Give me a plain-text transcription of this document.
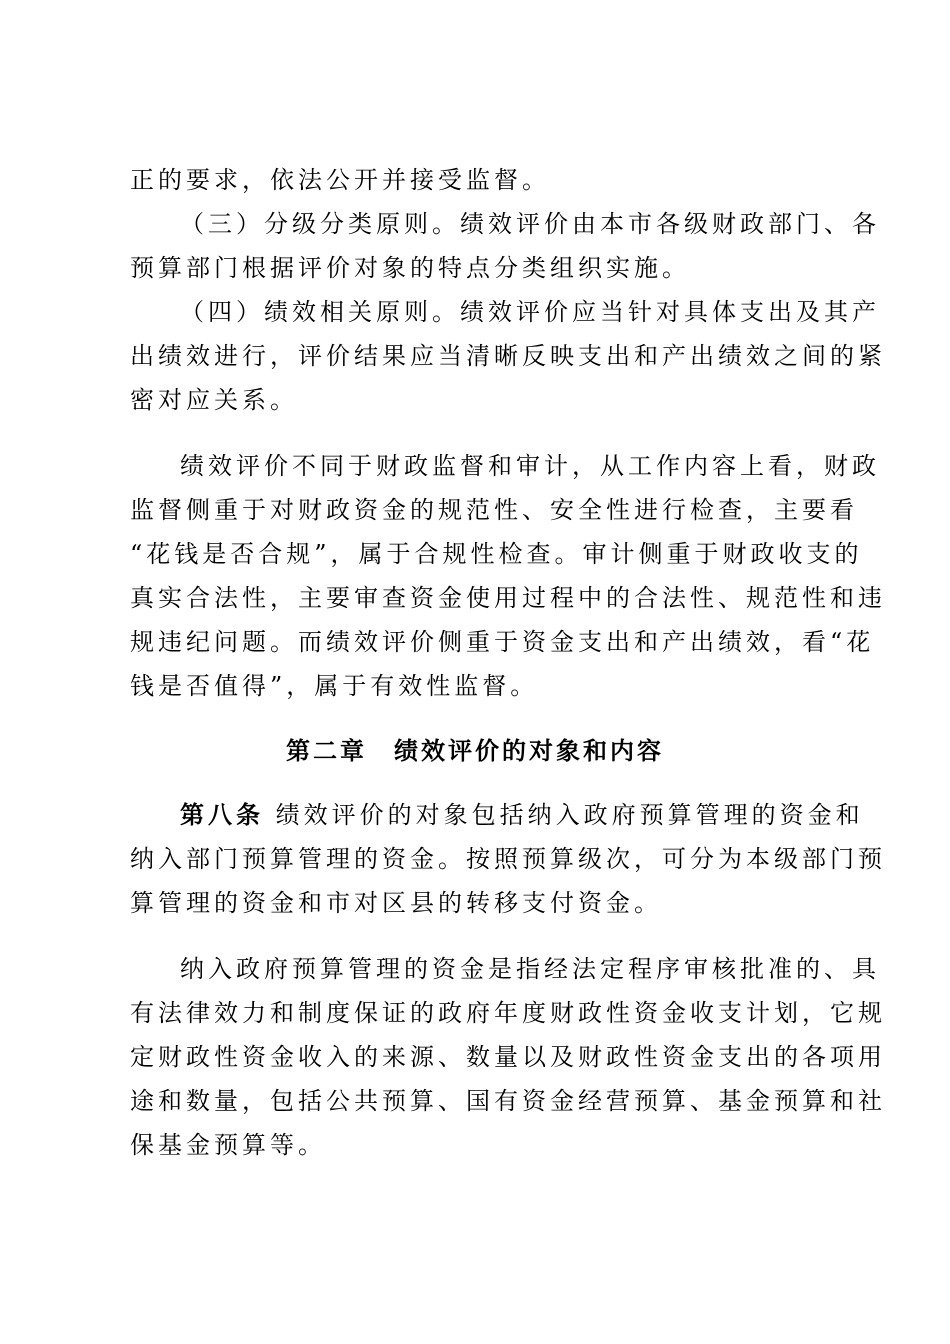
正的要求，依法公开并接受监督。
（三）分级分类原则。绩效评价由本市各级财政部门、各
预算部门根据评价对象的特点分类组织实施。
（四）绩效相关原则。绩效评价应当针对具体支出及其产
出绩效进行，评价结果应当清晰反映支出和产出绩效之间的紧
密对应关系。
绩效评价不同于财政监督和审计，从工作内容上看，财政
监督侧重于对财政资金的规范性、安全性进行检查，主要看
“花钱是否合规”，属于合规性检查。审计侧重于财政收支的
真实合法性，主要审查资金使用过程中的合法性、规范性和违
规违纪问题。而绩效评价侧重于资金支出和产出绩效，看“花
钱是否值得”，属于有效性监督。
第二章　绩效评价的对象和内容
第八条 绩效评价的对象包括纳入政府预算管理的资金和
纳入部门预算管理的资金。按照预算级次，可分为本级部门预
算管理的资金和市对区县的转移支付资金。
纳入政府预算管理的资金是指经法定程序审核批准的、具
有法律效力和制度保证的政府年度财政性资金收支计划，它规
定财政性资金收入的来源、数量以及财政性资金支出的各项用
途和数量，包括公共预算、国有资金经营预算、基金预算和社
保基金预算等。
